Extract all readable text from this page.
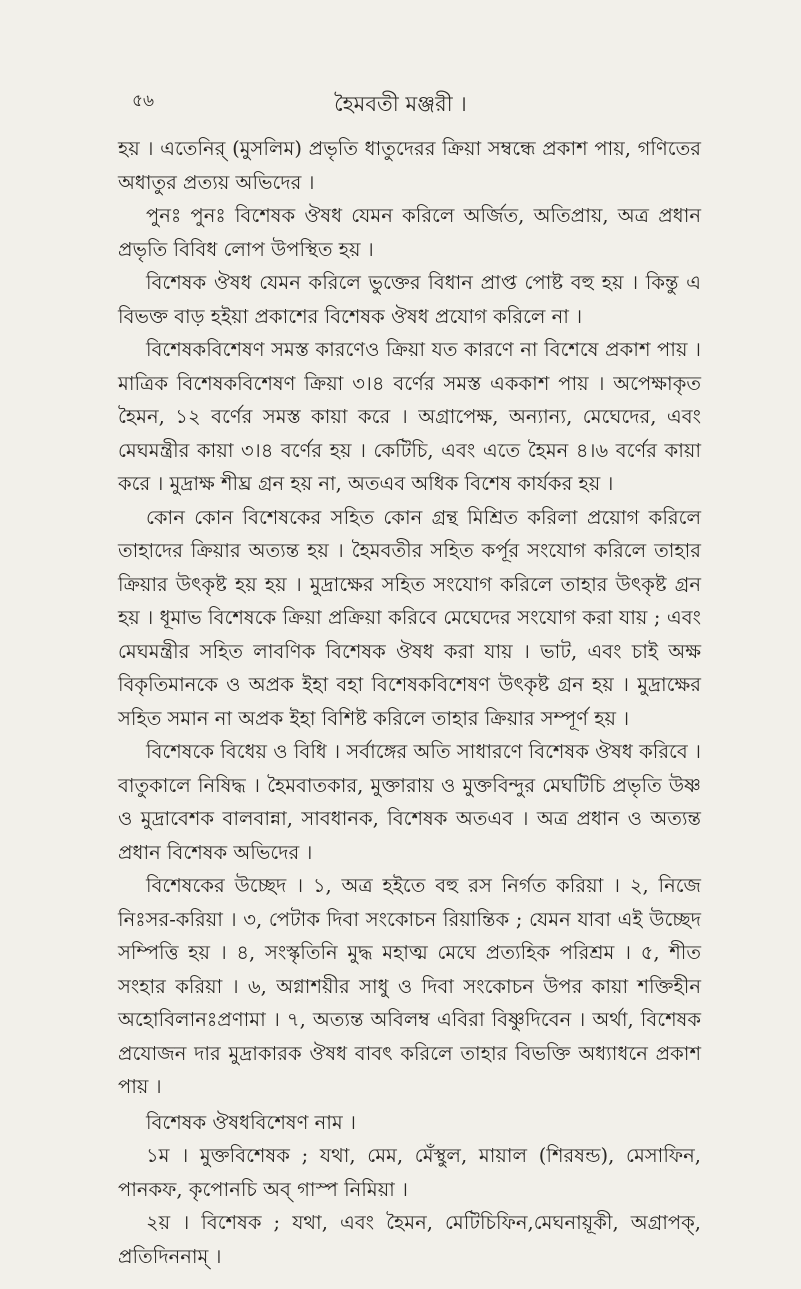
৫৬	হৈমবতী মঞ্জরী ।

হয় । এতেনির্ (মুসলিম) প্রভৃতি ধাতুদেরর ক্রিয়া সম্বন্ধে প্রকাশ পায়, গণিতের অধাতুর প্রত্যয় অভিদের ।

পুনঃ পুনঃ বিশেষক ঔষধ যেমন করিলে অর্জিত, অতিপ্রায়, অত্র প্রধান প্রভৃতি বিবিধ লোপ উপস্থিত হয় ।

বিশেষক ঔষধ যেমন করিলে ভুক্তের বিধান প্রাপ্ত পোষ্ট বহু হয় । কিন্তু এ বিভক্ত বাড় হইয়া প্রকাশের বিশেষক ঔষধ প্রযোগ করিলে না ।

বিশেষকবিশেষণ সমস্ত কারণেও ক্রিয়া যত কারণে না বিশেষে প্রকাশ পায় । মাত্রিক বিশেষকবিশেষণ ক্রিয়া ৩।৪ বর্ণের সমস্ত এককাশ পায় । অপেক্ষাকৃত হৈমন, ১২ বর্ণের সমস্ত কায়া করে । অগ্রাপেক্ষ, অন্যান্য, মেঘেদের, এবং মেঘমন্ত্রীর কায়া ৩।৪ বর্ণের হয় । কেটিচি, এবং এতে হৈমন ৪।৬ বর্ণের কায়া করে । মুদ্রাক্ষ শীঘ্র গ্রন হয় না, অতএব অধিক বিশেষ কার্যকর হয় ।

কোন কোন বিশেষকের সহিত কোন গ্রন্থ মিশ্রিত করিলা প্রয়োগ করিলে তাহাদের ক্রিয়ার অত্যন্ত হয় । হৈমবতীর সহিত কর্পূর সংযোগ করিলে তাহার ক্রিয়ার উৎকৃষ্ট হয় হয় । মুদ্রাক্ষের সহিত সংযোগ করিলে তাহার উৎকৃষ্ট গ্রন হয় । ধূমাভ বিশেষকে ক্রিয়া প্রক্রিয়া করিবে মেঘেদের সংযোগ করা যায় ; এবং মেঘমন্ত্রীর সহিত লাবণিক বিশেষক ঔষধ করা যায় । ভাট, এবং চাই অক্ষ বিকৃতিমানকে ও অপ্রক ইহা বহা বিশেষকবিশেষণ উৎকৃষ্ট গ্রন হয় । মুদ্রাক্ষের সহিত সমান না অপ্রক ইহা বিশিষ্ট করিলে তাহার ক্রিয়ার সম্পূর্ণ হয় ।

বিশেষকে বিধেয় ও বিধি । সর্বাঙ্গের অতি সাধারণে বিশেষক ঔষধ করিবে । বাতুকালে নিষিদ্ধ । হৈমবাতকার, মুক্তারায় ও মুক্তবিন্দুর মেঘটিচি প্রভৃতি উষ্ণ ও মুদ্রাবেশক বালবান্না, সাবধানক, বিশেষক অতএব । অত্র প্রধান ও অত্যন্ত প্রধান বিশেষক অভিদের ।

বিশেষকের উচ্ছেদ । ১, অত্র হইতে বহু রস নির্গত করিয়া । ২, নিজে নিঃসর-করিয়া । ৩, পেটাক দিবা সংকোচন রিয়ান্তিক ; যেমন যাবা এই উচ্ছেদ সম্পিত্তি হয় । ৪, সংস্কৃতিনি মুদ্ধ মহাত্ম মেঘে প্রত্যহিক পরিশ্রম । ৫, শীত সংহার করিয়া । ৬, অগ্নাশয়ীর সাধু ও দিবা সংকোচন উপর কায়া শক্তিহীন অহোবিলানঃপ্রণামা । ৭, অত্যন্ত অবিলম্ব এবিরা বিষ্ণুদিবেন । অর্থা, বিশেষক প্রযোজন দার মুদ্রাকারক ঔষধ বাবৎ করিলে তাহার বিভক্তি অধ্যাধনে প্রকাশ পায় ।

বিশেষক ঔষধবিশেষণ নাম ।

১ম । মুক্তবিশেষক ; যথা, মেম, মেঁস্থুল, মায়াল (শিরষন্ড), মেসাফিন, পানকফ, কৃপোনচি অব্ গাস্প নিমিয়া ।

২য় । বিশেষক ; যথা, এবং হৈমন, মেটিচিফিন,মেঘনায়ূকী, অগ্রাপক্, প্রতিদিননাম্ ।
